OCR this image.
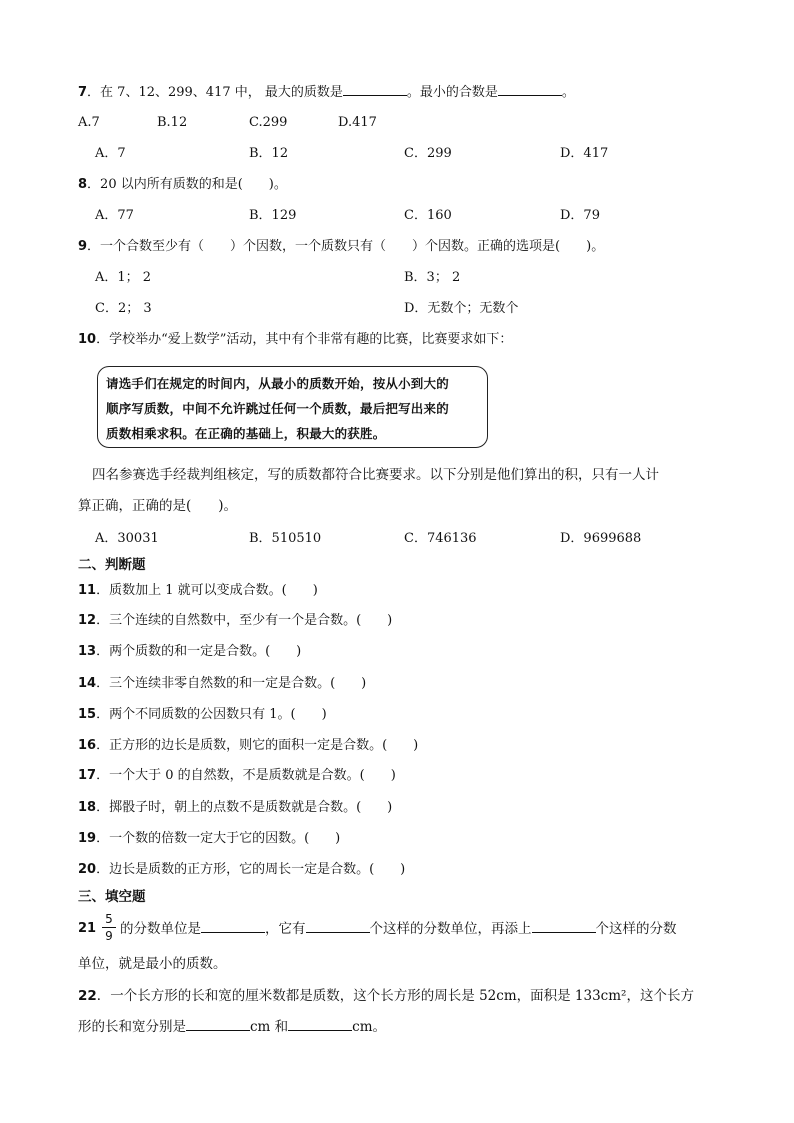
7．在 7、12、299、417 中， 最大的质数是	。最小的合数是	。
A.7	B.12	C.299	D.417
A．7	B．12	C．299	D．417
8．20 以内所有质数的和是(　　)。
A．77	B．129	C．160	D．79
9．一个合数至少有（　　）个因数，一个质数只有（　　）个因数。正确的选项是(　　)。
A．1； 2	B．3； 2
C．2； 3	D．无数个；无数个
10．学校举办“爱上数学”活动，其中有个非常有趣的比赛，比赛要求如下：
请选手们在规定的时间内，从最小的质数开始，按从小到大的
顺序写质数，中间不允许跳过任何一个质数，最后把写出来的
质数相乘求积。在正确的基础上，积最大的获胜。
四名参赛选手经裁判组核定，写的质数都符合比赛要求。以下分别是他们算出的积，只有一人计
算正确，正确的是(　　)。
A．30031	B．510510	C．746136	D．9699688
二、判断题
11．质数加上 1 就可以变成合数。(　　)
12．三个连续的自然数中，至少有一个是合数。(　　)
13．两个质数的和一定是合数。(　　)
14．三个连续非零自然数的和一定是合数。(　　)
15．两个不同质数的公因数只有 1。(　　)
16．正方形的边长是质数，则它的面积一定是合数。(　　)
17．一个大于 0 的自然数，不是质数就是合数。(　　)
18．掷骰子时，朝上的点数不是质数就是合数。(　　)
19．一个数的倍数一定大于它的因数。(　　)
20．边长是质数的正方形，它的周长一定是合数。(　　)
三、填空题
21
5
9 的分数单位是	，它有	个这样的分数单位，再添上	个这样的分数
单位，就是最小的质数。
22．一个长方形的长和宽的厘米数都是质数，这个长方形的周长是 52cm，面积是 133cm²，这个长方
形的长和宽分别是	cm 和	cm。
